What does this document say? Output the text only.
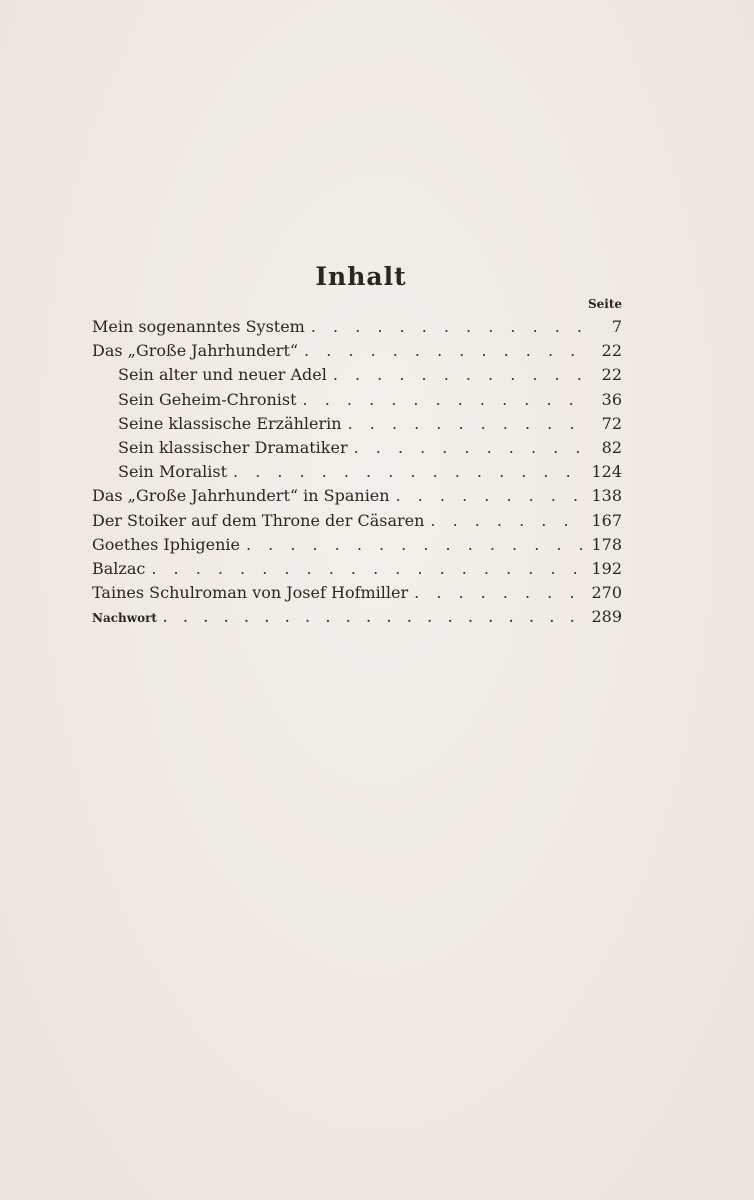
Inhalt
Seite
Mein sogenanntes System . . .	7
Das „Große Jahrhundert“ . . .	22
Sein alter und neuer Adel . . .	22
Sein Geheim-Chronist . . .	36
Seine klassische Erzählerin . . .	72
Sein klassischer Dramatiker . . .	82
Sein Moralist . . .	124
Das „Große Jahrhundert“ in Spanien . . .	138
Der Stoiker auf dem Throne der Cäsaren . . .	167
Goethes Iphigenie . . .	178
Balzac . . .	192
Taines Schulroman von Josef Hofmiller . . .	270
Nachwort . . .	289
